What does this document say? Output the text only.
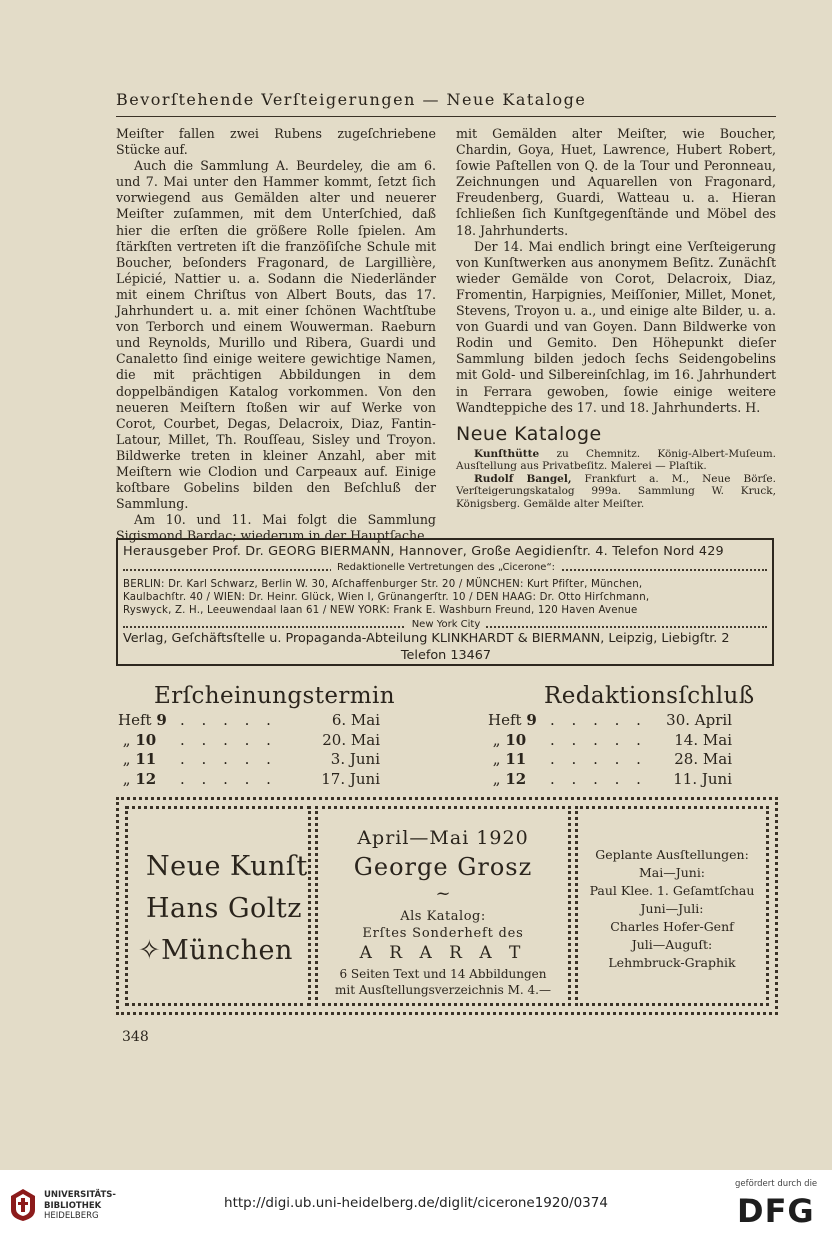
Bevorſtehende Verſteigerungen — Neue Kataloge

Meiſter fallen zwei Rubens zugeſchriebene Stücke auf.

Auch die Sammlung A. Beurdeley, die am 6. und 7. Mai unter den Hammer kommt, ſetzt ſich vorwiegend aus Gemälden alter und neuerer Meiſter zuſammen, mit dem Unterſchied, daß hier die erſten die größere Rolle ſpielen. Am ſtärkſten vertreten iſt die franzöſiſche Schule mit Boucher, beſonders Fragonard, de Largillière, Lépicié, Nattier u. a. Sodann die Niederländer mit einem Chriſtus von Albert Bouts, das 17. Jahrhundert u. a. mit einer ſchönen Wachtſtube von Terborch und einem Wouwerman. Raeburn und Reynolds, Murillo und Ribera, Guardi und Canaletto ſind einige weitere gewichtige Namen, die mit prächtigen Abbildungen in dem doppelbändigen Katalog vorkommen. Von den neueren Meiſtern ſtoßen wir auf Werke von Corot, Courbet, Degas, Delacroix, Diaz, Fantin-Latour, Millet, Th. Rouſſeau, Sisley und Troyon. Bildwerke treten in kleiner Anzahl, aber mit Meiſtern wie Clodion und Carpeaux auf. Einige koſtbare Gobelins bilden den Beſchluß der Sammlung.

Am 10. und 11. Mai folgt die Sammlung Sigismond Bardac; wiederum in der Hauptſache

mit Gemälden alter Meiſter, wie Boucher, Chardin, Goya, Huet, Lawrence, Hubert Robert, ſowie Paſtellen von Q. de la Tour und Peronneau, Zeichnungen und Aquarellen von Fragonard, Freudenberg, Guardi, Watteau u. a. Hieran ſchließen ſich Kunſtgegenſtände und Möbel des 18. Jahrhunderts.

Der 14. Mai endlich bringt eine Verſteigerung von Kunſtwerken aus anonymem Beſitz. Zunächſt wieder Gemälde von Corot, Delacroix, Diaz, Fromentin, Harpignies, Meiſſonier, Millet, Monet, Stevens, Troyon u. a., und einige alte Bilder, u. a. von Guardi und van Goyen. Dann Bildwerke von Rodin und Gemito. Den Höhepunkt dieſer Sammlung bilden jedoch ſechs Seidengobelins mit Gold- und Silbereinſchlag, im 16. Jahrhundert in Ferrara gewoben, ſowie einige weitere Wandteppiche des 17. und 18. Jahrhunderts. H.

Neue Kataloge

Kunſthütte zu Chemnitz. König-Albert-Muſeum. Ausſtellung aus Privatbeſitz. Malerei — Plaſtik.

Rudolf Bangel, Frankfurt a. M., Neue Börſe. Verſteigerungskatalog 999a. Sammlung W. Kruck, Königsberg. Gemälde alter Meiſter.

Herausgeber Prof. Dr. GEORG BIERMANN, Hannover, Große Aegidienſtr. 4. Telefon Nord 429
Redaktionelle Vertretungen des „Cicerone“:
BERLIN: Dr. Karl Schwarz, Berlin W. 30, Aſchaffenburger Str. 20 / MÜNCHEN: Kurt Pfiſter, München,
Kaulbachſtr. 40 / WIEN: Dr. Heinr. Glück, Wien I, Grünangerſtr. 10 / DEN HAAG: Dr. Otto Hirſchmann,
Ryswyck, Z. H., Leeuwendaal laan 61 / NEW YORK: Frank E. Washburn Freund, 120 Haven Avenue
New York City
Verlag, Geſchäftsſtelle u. Propaganda-Abteilung KLINKHARDT & BIERMANN, Leipzig, Liebigſtr. 2
Telefon 13467
Erſcheinungstermin	Redaktionsſchluß
Heft 9 . . . . .	6. Mai
„ 10	. . . . .	20. Mai
„ 11	. . . . .	3. Juni
„ 12	. . . . .	17. Juni
Heft 9 . . . . .	30. April
„ 10	. . . . .	14. Mai
„ 11	. . . . .	28. Mai
„ 12	. . . . .	11. Juni
Neue Kunſt
Hans Goltz
✧München
April—Mai 1920
George Grosz
~
Als Katalog:
Erſtes Sonderheft des
A R A R A T
6 Seiten Text und 14 Abbildungen
mit Ausſtellungsverzeichnis M. 4.—
Geplante Ausſtellungen:
Mai—Juni:
Paul Klee. 1. Geſamtſchau
Juni—Juli:
Charles Hofer-Genf
Juli—Auguſt:
Lehmbruck-Graphik
348
UNIVERSITÄTS-
BIBLIOTHEK
HEIDELBERG
http://digi.ub.uni-heidelberg.de/diglit/cicerone1920/0374
gefördert durch die
DFG
